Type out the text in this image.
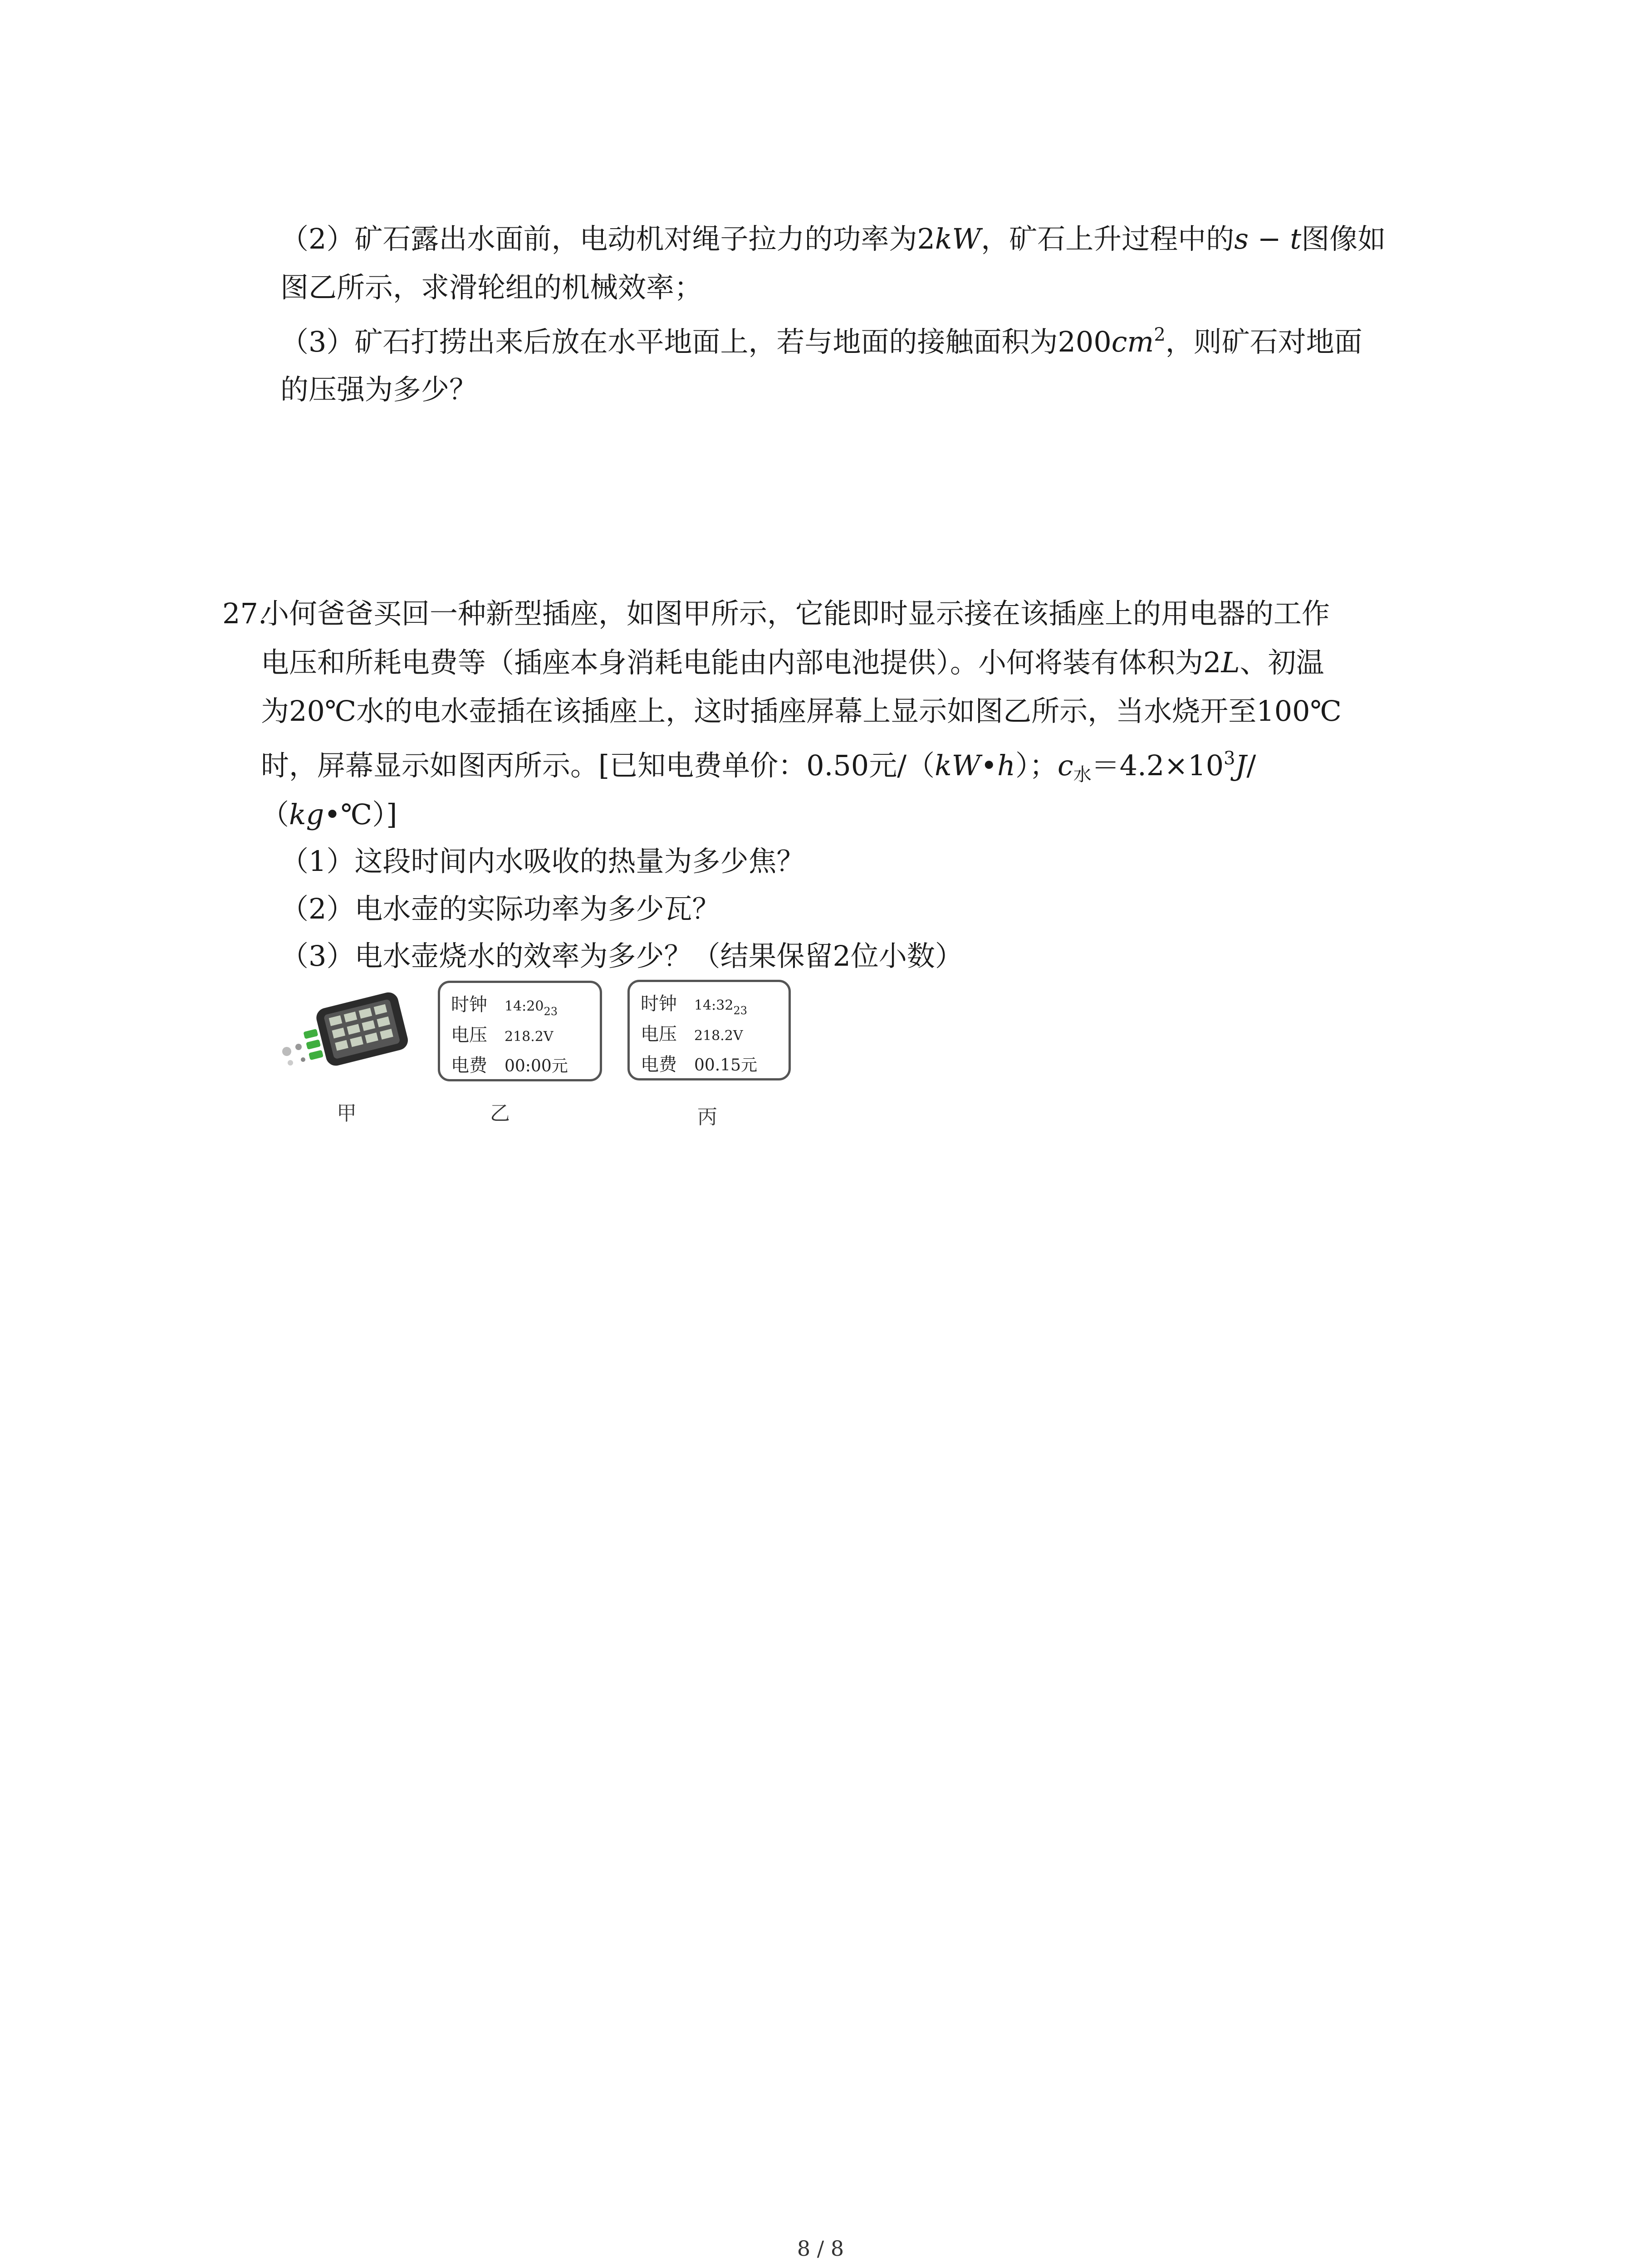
（2）矿石露出水面前，电动机对绳子拉力的功率为2kW，矿石上升过程中的s − t图像如
图乙所示，求滑轮组的机械效率；
（3）矿石打捞出来后放在水平地面上，若与地面的接触面积为$200cm^2$，则矿石对地面
的压强为多少？
27.
小何爸爸买回一种新型插座，如图甲所示，它能即时显示接在该插座上的用电器的工作
电压和所耗电费等（插座本身消耗电能由内部电池提供）。小何将装有体积为2L、初温
为20℃水的电水壶插在该插座上，这时插座屏幕上显示如图乙所示，当水烧开至100℃
时，屏幕显示如图丙所示。[已知电费单价：0.50元/（kW•h）；$c_水=4.2\times 10^3J/$
（kg•℃）]
（1）这段时间内水吸收的热量为多少焦？
（2）电水壶的实际功率为多少瓦？
（3）电水壶烧水的效率为多少？（结果保留2位小数）
甲
时钟 $14:20_{23}$
电压 218.2V
电费 00:00元
乙
时钟 $14:32_{23}$
电压 218.2V
电费 00.15元
丙
8 / 8
